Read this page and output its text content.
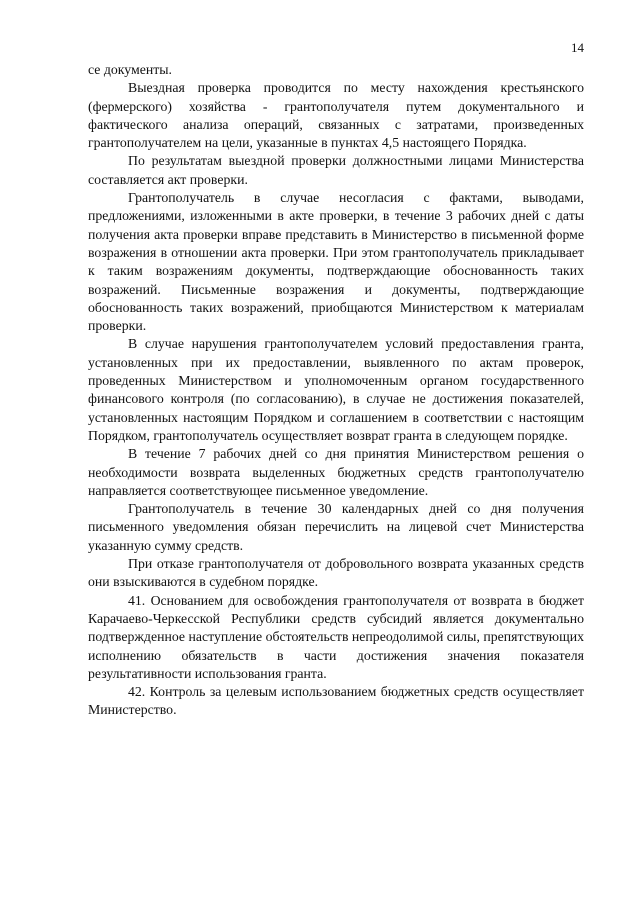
14

се документы.

Выездная проверка проводится по месту нахождения крестьянского (фермерского) хозяйства - грантополучателя путем документального и фактического анализа операций, связанных с затратами, произведенных грантополучателем на цели, указанные в пунктах 4,5 настоящего Порядка.

По результатам выездной проверки должностными лицами Министерства составляется акт проверки.

Грантополучатель в случае несогласия с фактами, выводами, предложениями, изложенными в акте проверки, в течение 3 рабочих дней с даты получения акта проверки вправе представить в Министерство в письменной форме возражения в отношении акта проверки. При этом грантополучатель прикладывает к таким возражениям документы, подтверждающие обоснованность таких возражений. Письменные возражения и документы, подтверждающие обоснованность таких возражений, приобщаются Министерством к материалам проверки.

В случае нарушения грантополучателем условий предоставления гранта, установленных при их предоставлении, выявленного по актам проверок, проведенных Министерством и уполномоченным органом государственного финансового контроля (по согласованию), в случае не достижения показателей, установленных настоящим Порядком и соглашением в соответствии с настоящим Порядком, грантополучатель осуществляет возврат гранта в следующем порядке.

В течение 7 рабочих дней со дня принятия Министерством решения о необходимости возврата выделенных бюджетных средств грантополучателю направляется соответствующее письменное уведомление.

Грантополучатель в течение 30 календарных дней со дня получения письменного уведомления обязан перечислить на лицевой счет Министерства указанную сумму средств.

При отказе грантополучателя от добровольного возврата указанных средств они взыскиваются в судебном порядке.

41. Основанием для освобождения грантополучателя от возврата в бюджет Карачаево-Черкесской Республики средств субсидий является документально подтвержденное наступление обстоятельств непреодолимой силы, препятствующих исполнению обязательств в части достижения значения показателя результативности использования гранта.

42. Контроль за целевым использованием бюджетных средств осуществляет Министерство.
